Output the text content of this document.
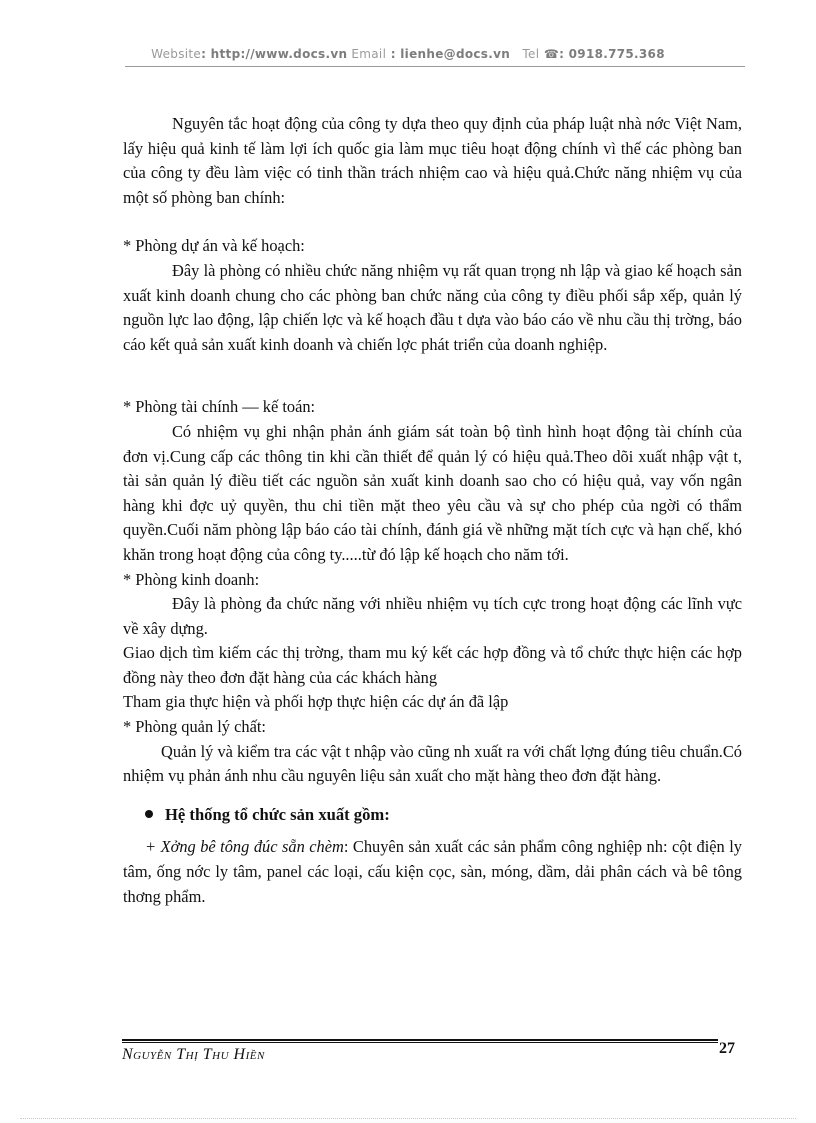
Website: http://www.docs.vn Email : lienhe@docs.vn   Tel ☎: 0918.775.368

Nguyên tắc hoạt động của công ty dựa theo quy định của pháp luật nhà nớc Việt Nam, lấy hiệu quả kinh tế làm lợi ích quốc gia làm mục tiêu hoạt động chính vì thế các phòng ban của công ty đều làm việc có tinh thần trách nhiệm cao và hiệu quả.Chức năng nhiệm vụ của một số phòng ban chính:

* Phòng dự án và kế hoạch:

Đây là phòng có nhiều chức năng nhiệm vụ rất quan trọng nh lập và giao kế hoạch sản xuất kinh doanh chung cho các phòng ban chức năng của công ty điều phối sắp xếp, quản lý nguồn lực lao động, lập chiến lợc và kế hoạch đầu t dựa vào báo cáo về nhu cầu thị trờng, báo cáo kết quả sản xuất kinh doanh và chiến lợc phát triển của doanh nghiệp.

* Phòng tài chính — kế toán:

Có nhiệm vụ ghi nhận phản ánh giám sát toàn bộ tình hình hoạt động tài chính của đơn vị.Cung cấp các thông tin khi cần thiết để quản lý có hiệu quả.Theo dõi xuất nhập vật t, tài sản quản lý điều tiết các nguồn sản xuất kinh doanh sao cho có hiệu quả, vay vốn ngân hàng khi đợc uỷ quyền, thu chi tiền mặt theo yêu cầu và sự cho phép của ngời có thẩm quyền.Cuối năm phòng lập báo cáo tài chính, đánh giá về những mặt tích cực và hạn chế, khó khăn trong hoạt động của công ty.....từ đó lập kế hoạch cho năm tới.

* Phòng kinh doanh:

Đây là phòng đa chức năng với nhiều nhiệm vụ tích cực trong hoạt động các lĩnh vực về xây dựng.

Giao dịch tìm kiếm các thị trờng, tham mu ký kết các hợp đồng và tổ chức thực hiện các hợp đồng này theo đơn đặt hàng của các khách hàng

Tham gia thực hiện và phối hợp thực hiện các dự án đã lập

* Phòng quản lý chất:

Quản lý và kiểm tra các vật t nhập vào cũng nh xuất ra với chất lợng đúng tiêu chuẩn.Có nhiệm vụ phản ánh nhu cầu nguyên liệu sản xuất cho mặt hàng theo đơn đặt hàng.

Hệ thống tổ chức sản xuất gồm:

+ Xởng bê tông đúc sẵn chèm: Chuyên sản xuất các sản phẩm công nghiệp nh: cột điện ly tâm, ống nớc ly tâm, panel các loại, cấu kiện cọc, sàn, móng, dầm, dải phân cách và bê tông thơng phẩm.

Nguyễn Thị Thu Hiền	27
